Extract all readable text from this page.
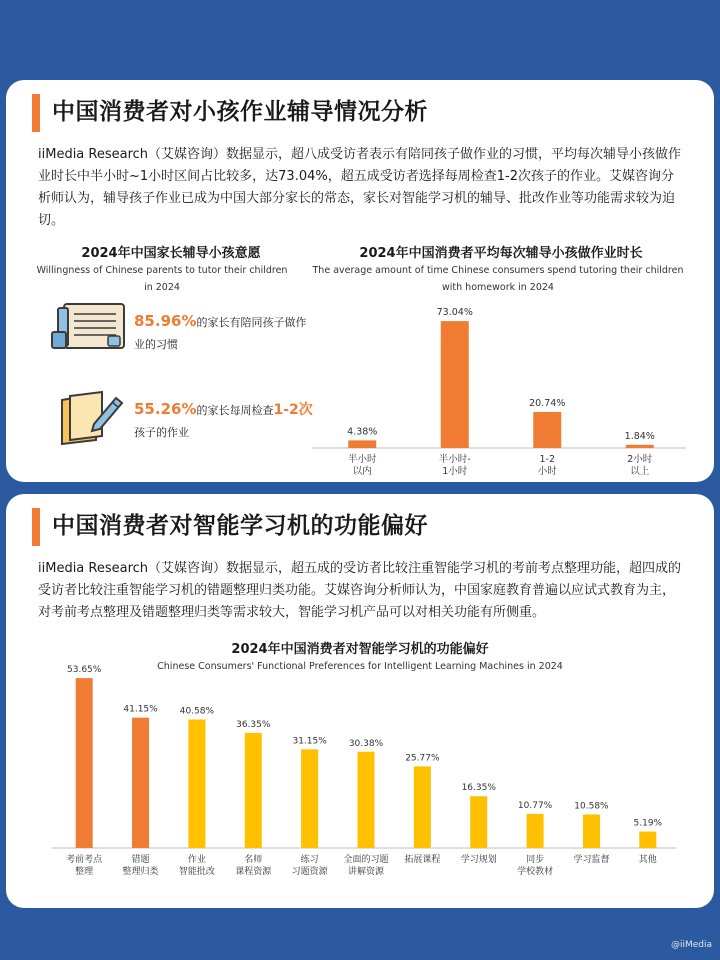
中国消费者对小孩作业辅导情况分析
iiMedia Research（艾媒咨询）数据显示，超八成受访者表示有陪同孩子做作业的习惯，平均每次辅导小孩做作业时长中半小时~1小时区间占比较多，达73.04%，超五成受访者选择每周检查1-2次孩子的作业。艾媒咨询分析师认为，辅导孩子作业已成为中国大部分家长的常态，家长对智能学习机的辅导、批改作业等功能需求较为迫切。
2024年中国家长辅导小孩意愿
Willingness of Chinese parents to tutor their children in 2024
85.96%的家长有陪同孩子做作
业的习惯
55.26%的家长每周检查1-2次
孩子的作业
2024年中国消费者平均每次辅导小孩做作业时长
The average amount of time Chinese consumers spend tutoring their children with homework in 2024
4.38%
半小时
以内
73.04%
半小时-
1小时
20.74%
1-2
小时
1.84%
2小时
以上
中国消费者对智能学习机的功能偏好
iiMedia Research（艾媒咨询）数据显示，超五成的受访者比较注重智能学习机的考前考点整理功能，超四成的受访者比较注重智能学习机的错题整理归类功能。艾媒咨询分析师认为，中国家庭教育普遍以应试式教育为主，对考前考点整理及错题整理归类等需求较大，智能学习机产品可以对相关功能有所侧重。
2024年中国消费者对智能学习机的功能偏好
Chinese Consumers' Functional Preferences for Intelligent Learning Machines in 2024
53.65%
考前考点
整理
41.15%
错题
整理归类
40.58%
作业
智能批改
36.35%
名师
课程资源
31.15%
练习
习题资源
30.38%
全面的习题
讲解资源
25.77%
拓展课程
16.35%
学习规划
10.77%
同步
学校教材
10.58%
学习监督
5.19%
其他
@iiMedia
